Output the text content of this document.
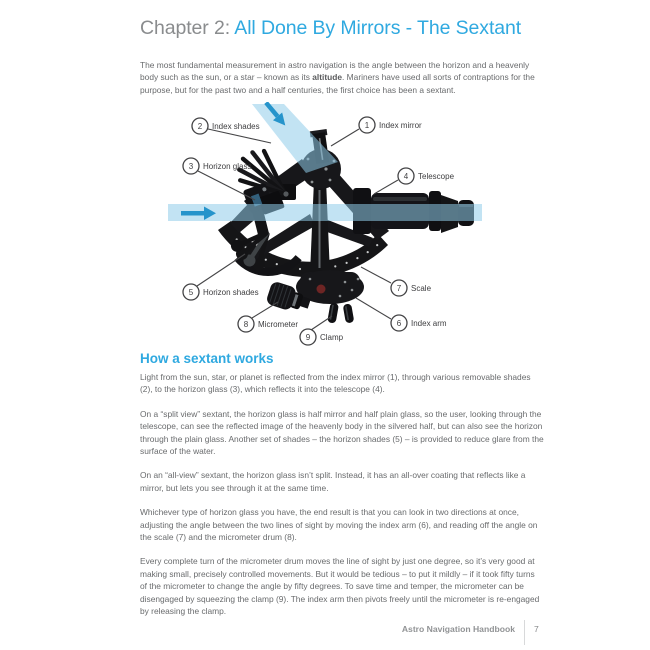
Chapter 2: All Done By Mirrors - The Sextant
The most fundamental measurement in astro navigation is the angle between the horizon and a heavenly body such as the sun, or a star – known as its altitude. Mariners have used all sorts of contraptions for the purpose, but for the past two and a half centuries, the first choice has been a sextant.
1 Index mirror
2 Index shades
3 Horizon glass
4 Telescope
5 Horizon shades	7 Scale
8 Micrometer
9 Clamp
6 Index arm
How a sextant works

Light from the sun, star, or planet is reflected from the index mirror (1), through various removable shades (2), to the horizon glass (3), which reflects it into the telescope (4).

On a “split view” sextant, the horizon glass is half mirror and half plain glass, so the user, looking through the telescope, can see the reflected image of the heavenly body in the silvered half, but can also see the horizon through the plain glass. Another set of shades – the horizon shades (5) – is provided to reduce glare from the surface of the water.

On an “all-view” sextant, the horizon glass isn’t split. Instead, it has an all-over coating that reflects like a mirror, but lets you see through it at the same time.

Whichever type of horizon glass you have, the end result is that you can look in two directions at once, adjusting the angle between the two lines of sight by moving the index arm (6), and reading off the angle on the scale (7) and the micrometer drum (8).

Every complete turn of the micrometer drum moves the line of sight by just one degree, so it’s very good at making small, precisely controlled movements. But it would be tedious – to put it mildly – if it took fifty turns of the micrometer to change the angle by fifty degrees. To save time and temper, the micrometer can be disengaged by squeezing the clamp (9). The index arm then pivots freely until the micrometer is re-engaged by releasing the clamp.

Astro Navigation Handbook 7
